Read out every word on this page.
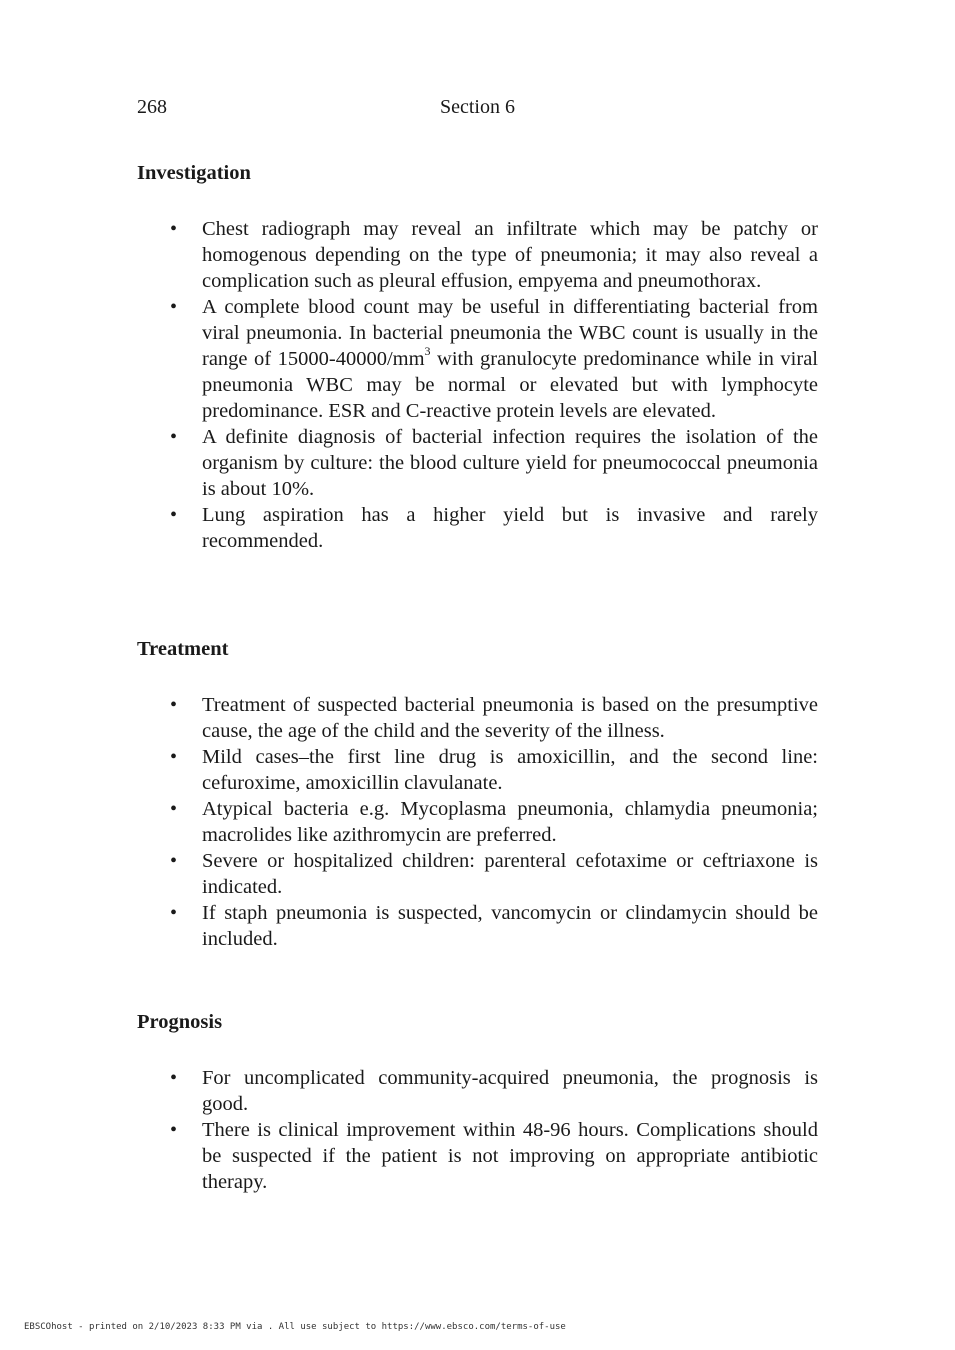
268	Section 6
Investigation
• Chest radiograph may reveal an infiltrate which may be patchy or homogenous depending on the type of pneumonia; it may also reveal a complication such as pleural effusion, empyema and pneumothorax.
• A complete blood count may be useful in differentiating bacterial from viral pneumonia. In bacterial pneumonia the WBC count is usually in the range of $15000-40000/mm^3$ with granulocyte predominance while in viral pneumonia WBC may be normal or elevated but with lymphocyte predominance. ESR and C-reactive protein levels are elevated.
• A definite diagnosis of bacterial infection requires the isolation of the organism by culture: the blood culture yield for pneumococcal pneumonia is about 10%.
• Lung aspiration has a higher yield but is invasive and rarely recommended.
Treatment
• Treatment of suspected bacterial pneumonia is based on the presumptive cause, the age of the child and the severity of the illness.
• Mild cases–the first line drug is amoxicillin, and the second line: cefuroxime, amoxicillin clavulanate.
• Atypical bacteria e.g. Mycoplasma pneumonia, chlamydia pneumonia; macrolides like azithromycin are preferred.
• Severe or hospitalized children: parenteral cefotaxime or ceftriaxone is indicated.
• If staph pneumonia is suspected, vancomycin or clindamycin should be included.
Prognosis
• For uncomplicated community-acquired pneumonia, the prognosis is good.
• There is clinical improvement within 48-96 hours. Complications should be suspected if the patient is not improving on appropriate antibiotic therapy.
EBSCOhost - printed on 2/10/2023 8:33 PM via . All use subject to https://www.ebsco.com/terms-of-use
